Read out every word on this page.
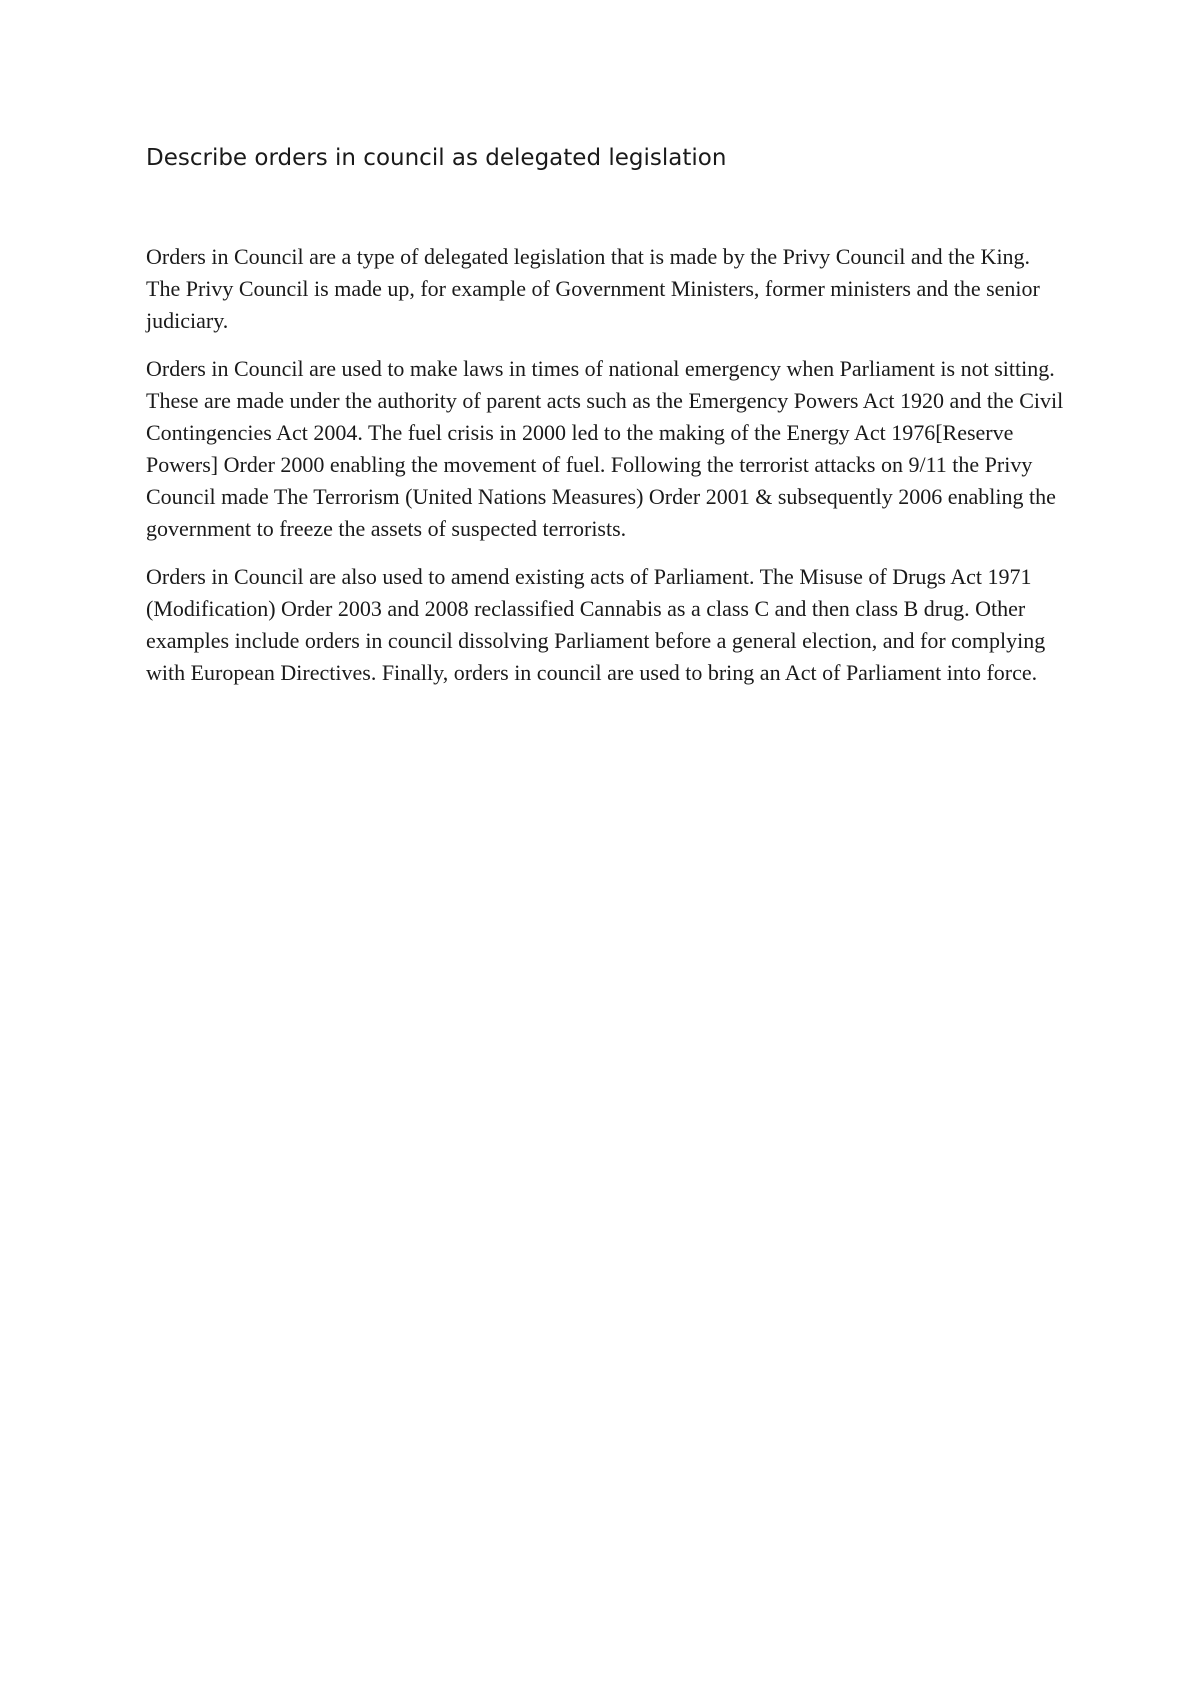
Describe orders in council as delegated legislation

Orders in Council are a type of delegated legislation that is made by the Privy Council and the King. The Privy Council is made up, for example of Government Ministers, former ministers and the senior judiciary.

Orders in Council are used to make laws in times of national emergency when Parliament is not sitting. These are made under the authority of parent acts such as the Emergency Powers Act 1920 and the Civil Contingencies Act 2004. The fuel crisis in 2000 led to the making of the Energy Act 1976[Reserve Powers] Order 2000 enabling the movement of fuel. Following the terrorist attacks on 9/11 the Privy Council made The Terrorism (United Nations Measures) Order 2001 & subsequently 2006 enabling the government to freeze the assets of suspected terrorists.

Orders in Council are also used to amend existing acts of Parliament. The Misuse of Drugs Act 1971 (Modification) Order 2003 and 2008 reclassified Cannabis as a class C and then class B drug. Other examples include orders in council dissolving Parliament before a general election, and for complying with European Directives. Finally, orders in council are used to bring an Act of Parliament into force.
